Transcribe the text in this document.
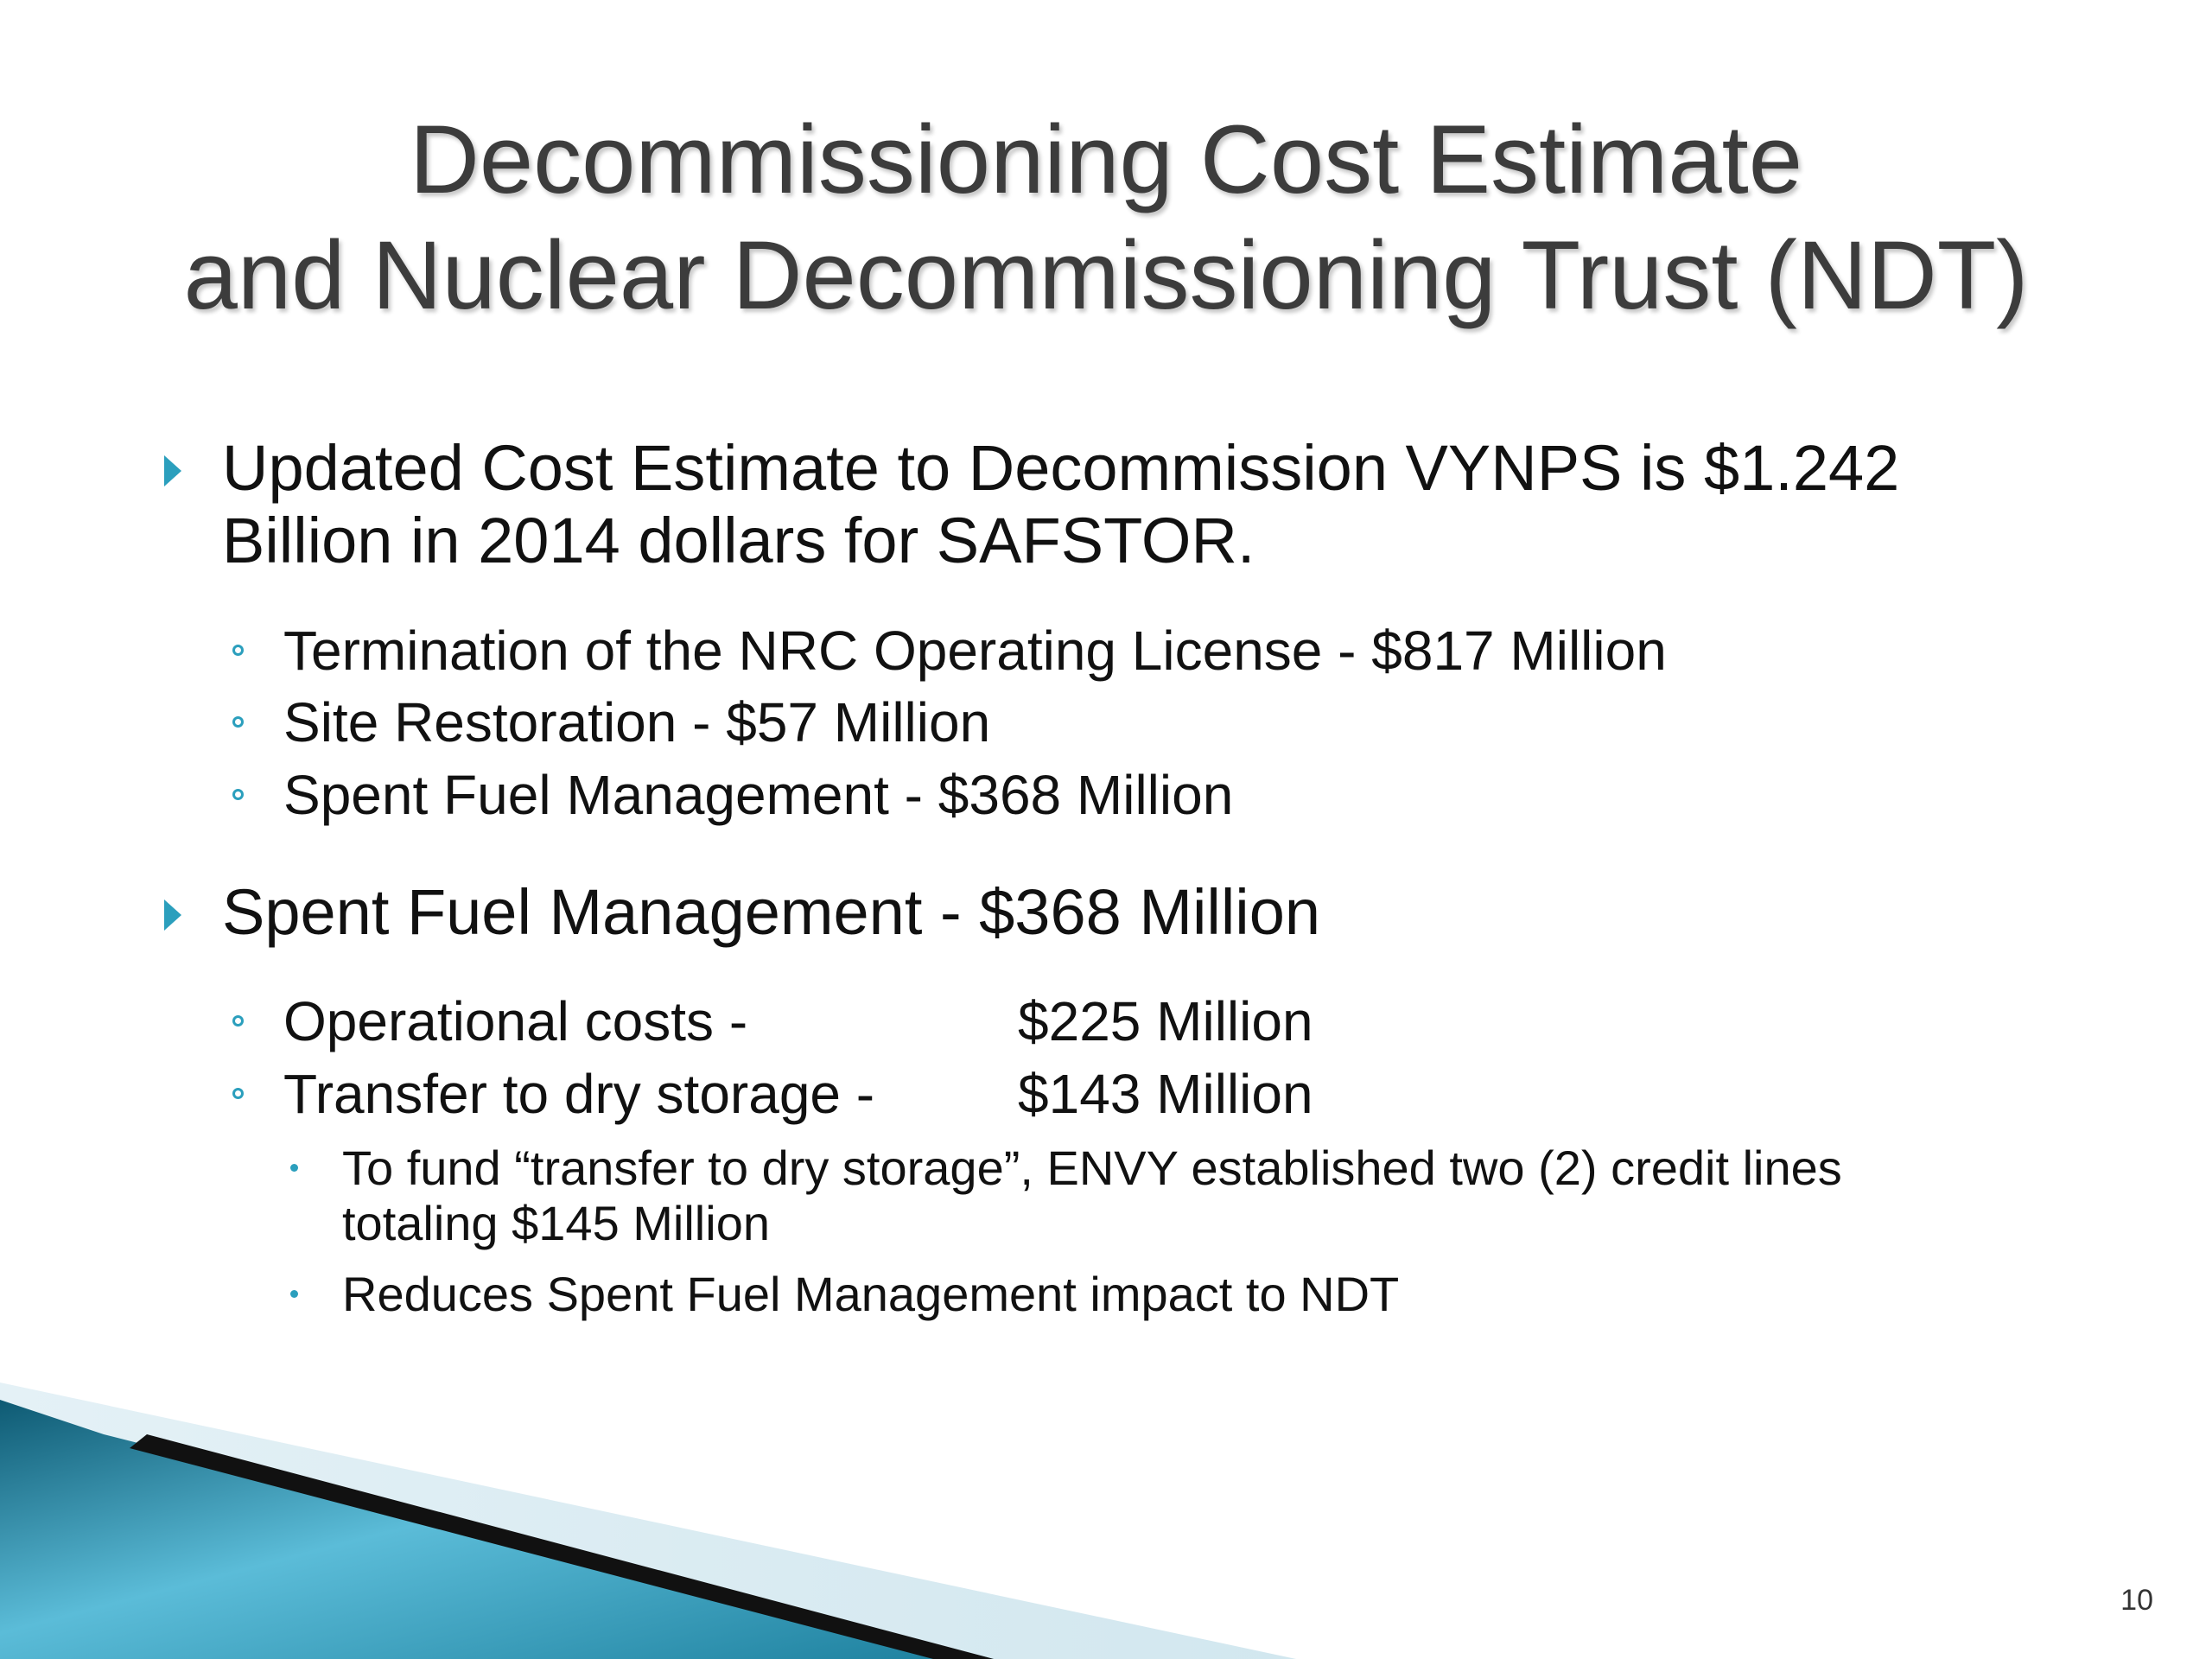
Decommissioning Cost Estimate
and Nuclear Decommissioning Trust (NDT)
Updated Cost Estimate to Decommission VYNPS is $1.242
Billion in 2014 dollars for SAFSTOR.
Termination of the NRC Operating License - $817 Million
Site Restoration - $57 Million
Spent Fuel Management - $368 Million
Spent Fuel Management - $368 Million
Operational costs -	$225 Million
Transfer to dry storage -	$143 Million
To fund “transfer to dry storage”, ENVY established two (2) credit lines
totaling $145 Million
Reduces Spent Fuel Management impact to NDT
10
